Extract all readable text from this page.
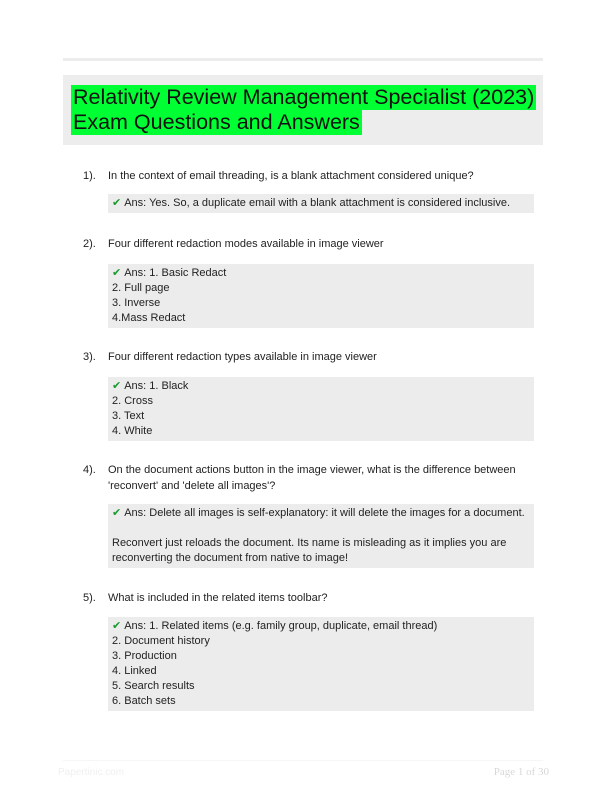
Relativity Review Management Specialist (2023)
Exam Questions and Answers
1). In the context of email threading, is a blank attachment considered unique?
✔ Ans: Yes. So, a duplicate email with a blank attachment is considered inclusive.
2). Four different redaction modes available in image viewer
✔ Ans: 1. Basic Redact
2. Full page
3. Inverse
4.Mass Redact
3). Four different redaction types available in image viewer
✔ Ans: 1. Black
2. Cross
3. Text
4. White
4). On the document actions button in the image viewer, what is the difference between
'reconvert' and 'delete all images'?
✔ Ans: Delete all images is self-explanatory: it will delete the images for a document.
Reconvert just reloads the document. Its name is misleading as it implies you are
reconverting the document from native to image!
5). What is included in the related items toolbar?
✔ Ans: 1. Related items (e.g. family group, duplicate, email thread)
2. Document history
3. Production
4. Linked
5. Search results
6. Batch sets
Papertinic.com	Page 1 of 30
